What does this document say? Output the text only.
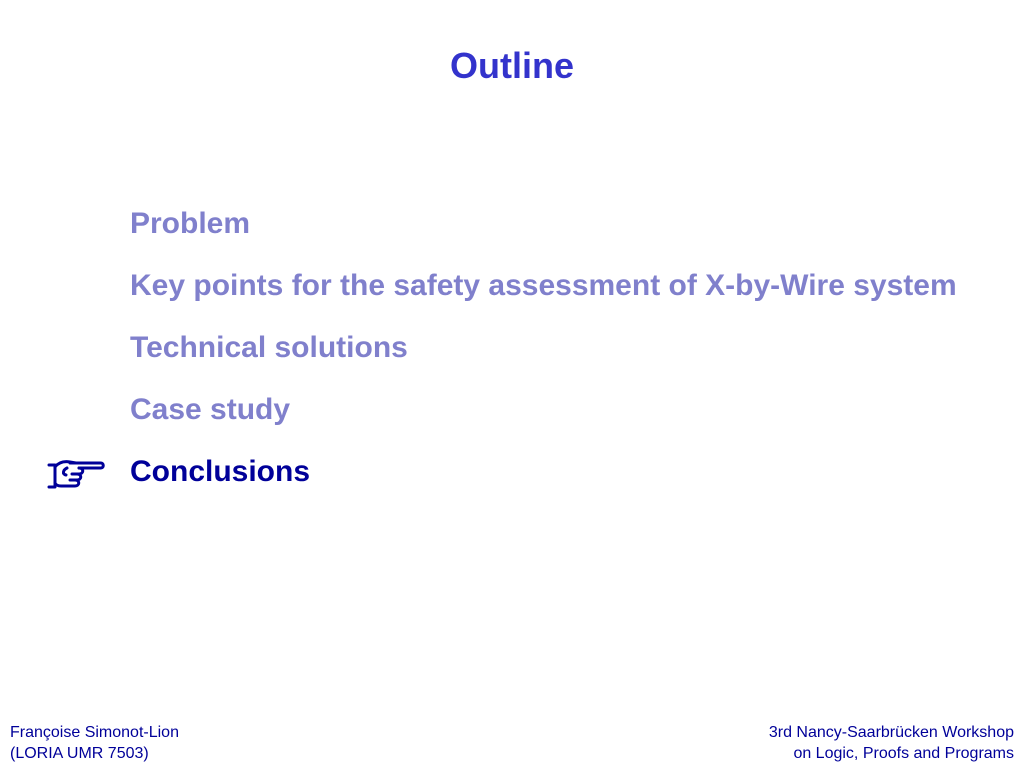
Outline
Problem
Key points for the safety assessment of X-by-Wire system
Technical solutions
Case study
Conclusions
Françoise Simonot-Lion
(LORIA UMR 7503)
3rd Nancy-Saarbrücken Workshop
on Logic, Proofs and Programs
